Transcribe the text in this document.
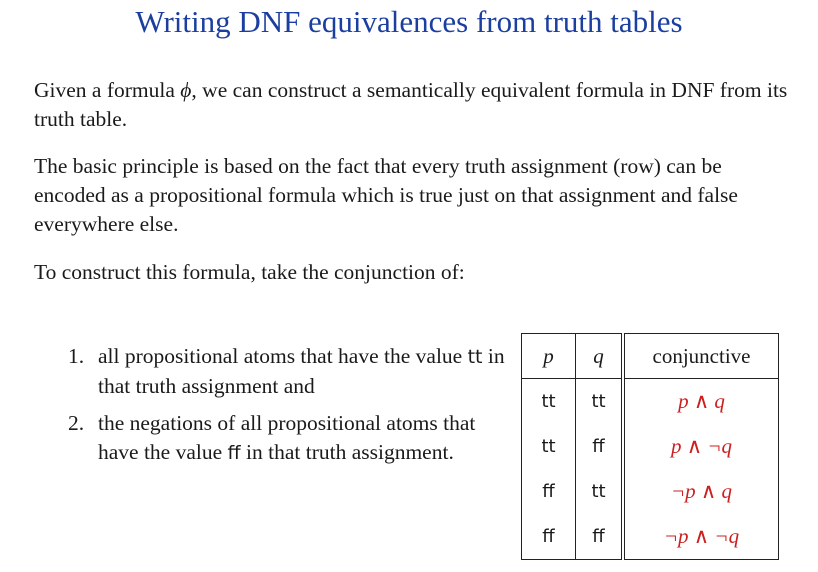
Writing DNF equivalences from truth tables
Given a formula ϕ, we can construct a semantically equivalent formula in DNF from its truth table.
The basic principle is based on the fact that every truth assignment (row) can be encoded as a propositional formula which is true just on that assignment and false everywhere else.
To construct this formula, take the conjunction of:
1. all propositional atoms that have the value tt in that truth assignment and
2. the negations of all propositional atoms that have the value ff in that truth assignment.
p	q	conjunctive
tt	tt	p ∧ q
tt	ff	p ∧ ¬q
ff	tt	¬p ∧ q
ff	ff	¬p ∧ ¬q
